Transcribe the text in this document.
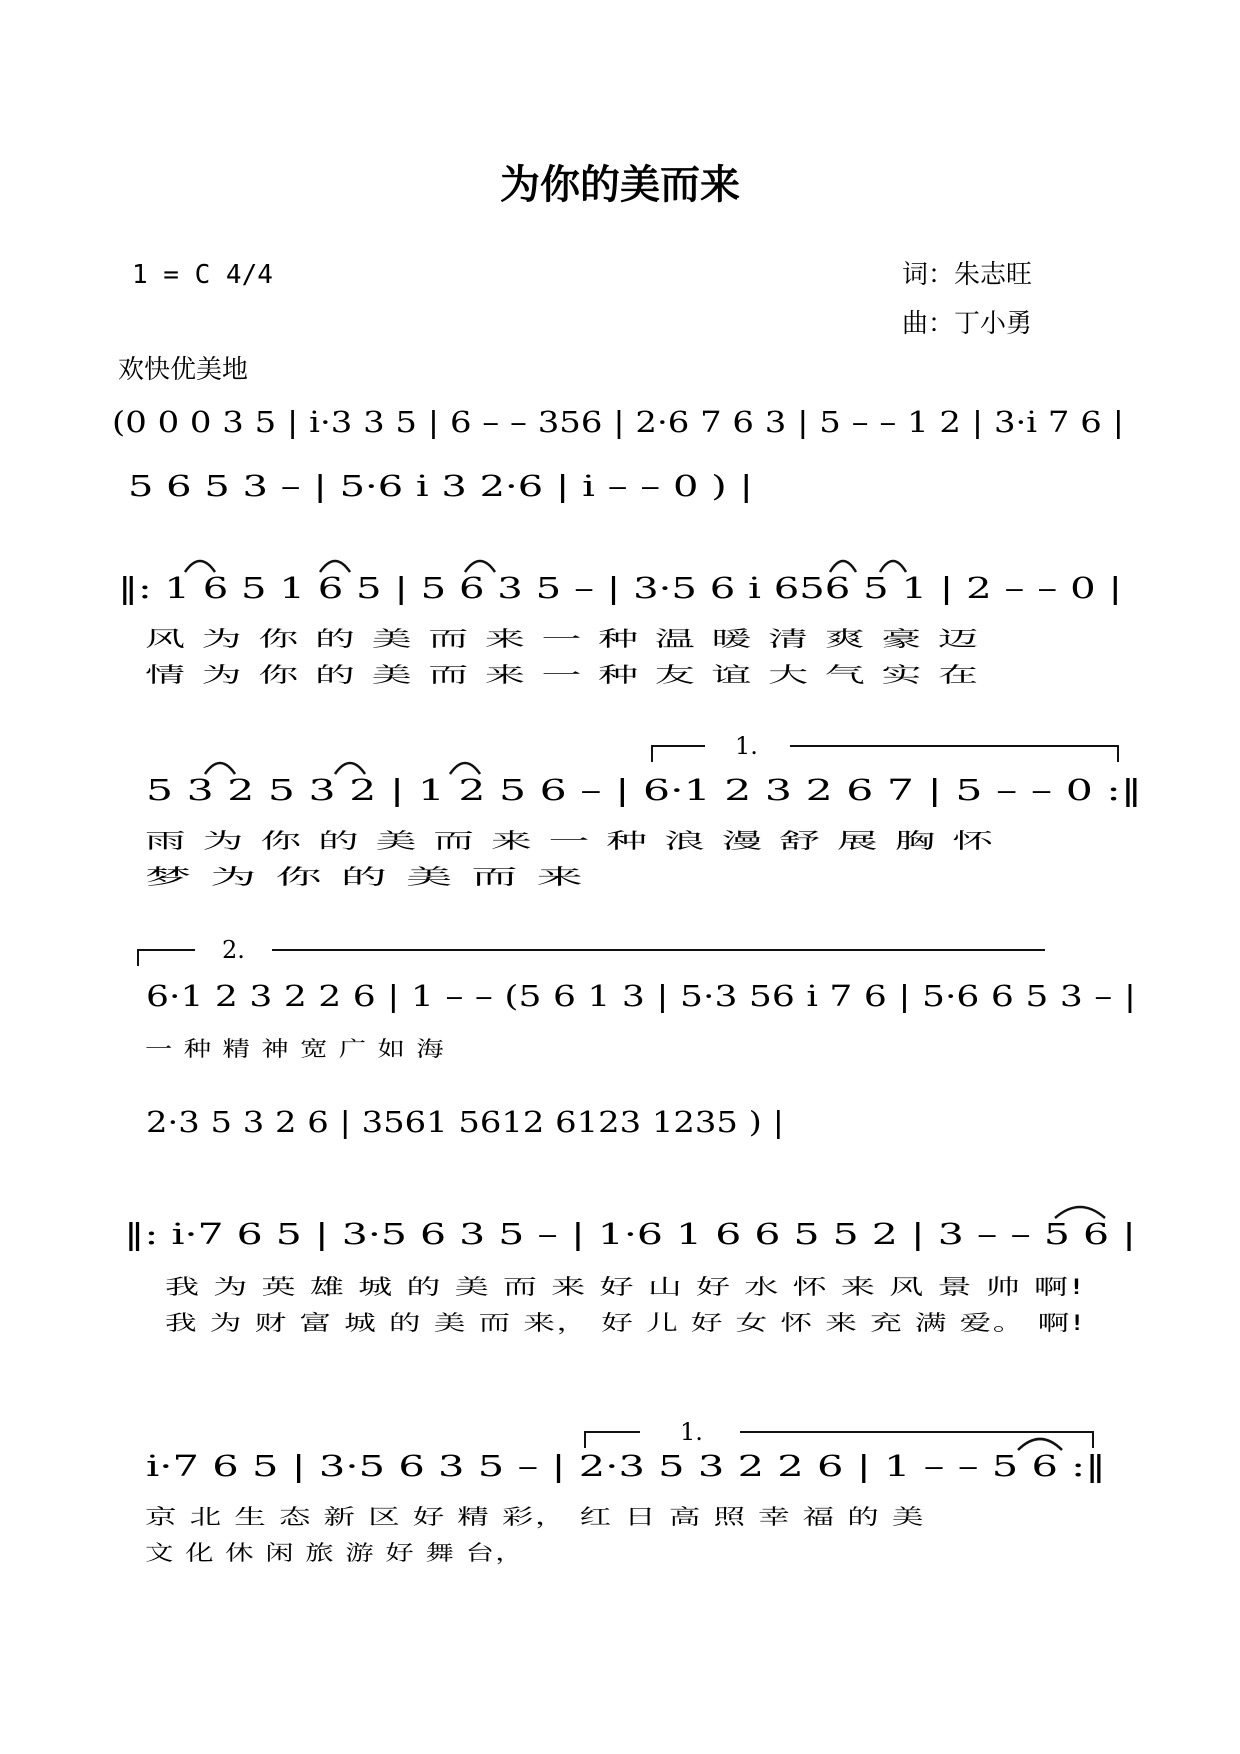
为你的美而来
1 = C 4/4	词：朱志旺
曲：丁小勇
欢快优美地
(0 0 0 3 5 | i·3 3 5 | 6 – – 356 | 2·6 7 6 3 | 5 – – 1 2 | 3·i 7 6 |
5 6 5 3 – | 5·6 i 3 2·6 | i – – 0 ) |
‖: 1 6 5 1 6 5 | 5 6 3 5 – | 3·5 6 i 656 5 1 | 2 – – 0 |
风 为 你 的 美 而 来 一 种 温 暖 清 爽 豪 迈
情 为 你 的 美 而 来 一 种 友 谊 大 气 实 在
1.
5 3 2 5 3 2 | 1 2 5 6 – | 6·1 2 3 2 6 7 | 5 – – 0 :‖
雨 为 你 的 美 而 来 一 种 浪 漫 舒 展 胸 怀
梦 为 你 的 美 而 来
2.
6·1 2 3 2 2 6 | 1 – – (5 6 1 3 | 5·3 56 i 7 6 | 5·6 6 5 3 – |
一 种 精 神 宽 广 如 海
2·3 5 3 2 6 | 3561 5612 6123 1235 ) |
‖: i·7 6 5 | 3·5 6 3 5 – | 1·6 1 6 6 5 5 2 | 3 – – 5 6 |
我 为 英 雄 城 的 美 而 来 好 山 好 水 怀 来 风 景 帅 啊!
我 为 财 富 城 的 美 而 来， 好 儿 好 女 怀 来 充 满 爱。 啊!
1.
i·7 6 5 | 3·5 6 3 5 – | 2·3 5 3 2 2 6 | 1 – – 5 6 :‖
京 北 生 态 新 区 好 精 彩， 红 日 高 照 幸 福 的 美
文 化 休 闲 旅 游 好 舞 台，
